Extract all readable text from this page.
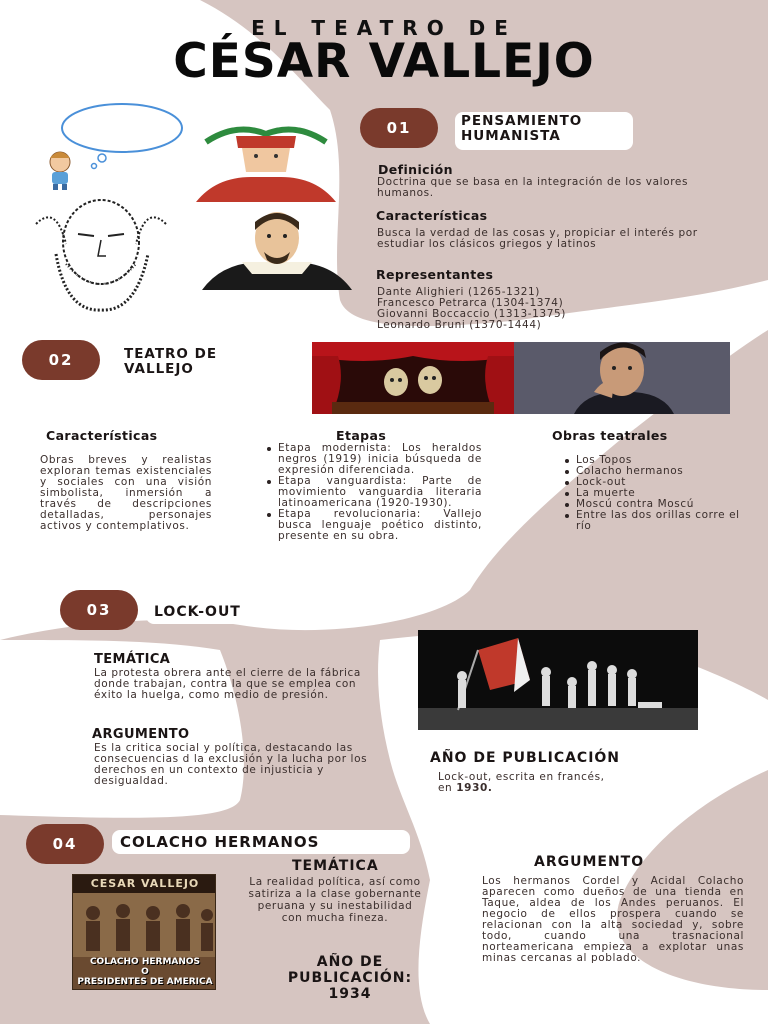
EL TEATRO DE
CÉSAR VALLEJO
01	PENSAMIENTO
HUMANISTA
Definición
Doctrina que se basa en la integración de los valores humanos.
Características
Busca la verdad de las cosas y, propiciar el interés por estudiar los clásicos griegos y latinos
Representantes
Dante Alighieri (1265-1321)
Francesco Petrarca (1304-1374)
Giovanni Boccaccio (1313-1375)
Leonardo Bruni (1370-1444)
02	TEATRO DE
VALLEJO
Características
Obras breves y realistas exploran temas existenciales y sociales con una visión simbolista, inmersión a través de descripciones detalladas, personajes activos y contemplativos.
Etapas
Etapa modernista: Los heraldos negros (1919) inicia búsqueda de expresión diferenciada.
Etapa vanguardista: Parte de movimiento vanguardia literaria latinoamericana (1920-1930).
Etapa revolucionaria: Vallejo busca lenguaje poético distinto, presente en su obra.
Obras teatrales
Los Topos
Colacho hermanos
Lock-out
La muerte
Moscú contra Moscú
Entre las dos orillas corre el río
03	LOCK-OUT
TEMÁTICA
La protesta obrera ante el cierre de la fábrica donde trabajan, contra la que se emplea con éxito la huelga, como medio de presión.
ARGUMENTO
Es la critica social y política, destacando las consecuencias d la exclusión y la lucha por los derechos en un contexto de injusticia y desigualdad.
AÑO DE PUBLICACIÓN
Lock-out, escrita en francés, en 1930.
04	COLACHO HERMANOS
CESAR VALLEJO
COLACHO HERMANOS
O
PRESIDENTES DE AMERICA
TEMÁTICA
La realidad política, así como satiriza a la clase gobernante peruana y su inestabilidad con mucha fineza.
AÑO DE
PUBLICACIÓN:
1934
ARGUMENTO
Los hermanos Cordel y Acidal Colacho aparecen como dueños de una tienda en Taque, aldea de los Andes peruanos. El negocio de ellos prospera cuando se relacionan con la alta sociedad y, sobre todo, cuando una trasnacional norteamericana empieza a explotar unas minas cercanas al poblado.
